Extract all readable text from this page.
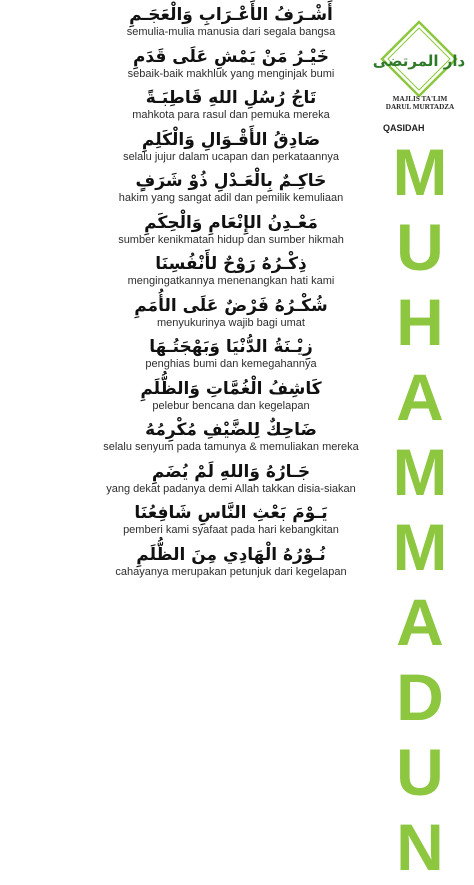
أَشْـرَفُ الأَعْـرَابِ وَالْعَجَـمِ
semulia-mulia manusia dari segala bangsa
خَيْـرُ مَنْ يَمْشِ عَلَى قَدَمِ
sebaik-baik makhluk yang menginjak bumi
تَاجُ رُسُلِ اللهِ قَاطِبَـةً
mahkota para rasul dan pemuka mereka
صَادِقُ الأَقْـوَالِ وَالْكَلِمِ
selalu jujur dalam ucapan dan perkataannya
حَاكِـمٌ بِالْعَـدْلِ ذُوْ شَرَفٍ
hakim yang sangat adil dan pemilik kemuliaan
مَعْـدِنُ الإِنْعَامِ وَالْحِكَمِ
sumber kenikmatan hidup dan sumber hikmah
ذِكْـرُهُ رَوْحٌ لأَنْفُسِنَا
mengingatkannya menenangkan hati kami
شُكْـرُهُ فَرْضٌ عَلَى الأُمَمِ
menyukurinya wajib bagi umat
زِيْـنَةُ الدُّنْيَا وَبَهْجَتُـهَا
penghias bumi dan kemegahannya
كَاشِفُ الْغُمَّاتِ وَالظُّلَمِ
pelebur bencana dan kegelapan
ضَاحِكٌ لِلضَّيْفِ مُكْرِمُهُ
selalu senyum pada tamunya & memuliakan mereka
جَـارُهُ وَاللهِ لَمْ يُضَمِ
yang dekat padanya demi Allah takkan disia-siakan
يَـوْمَ بَعْثِ النَّاسِ شَافِعُنَا
pemberi kami syafaat pada hari kebangkitan
نُـوْرُهُ الْهَادِي مِنَ الظُّلَمِ
cahayanya merupakan petunjuk dari kegelapan
دار المرتضى
MAJLIS TA'LIM
DARUL MURTADZA
QASIDAH
M
U
H
A
M
M
A
D
U
N
